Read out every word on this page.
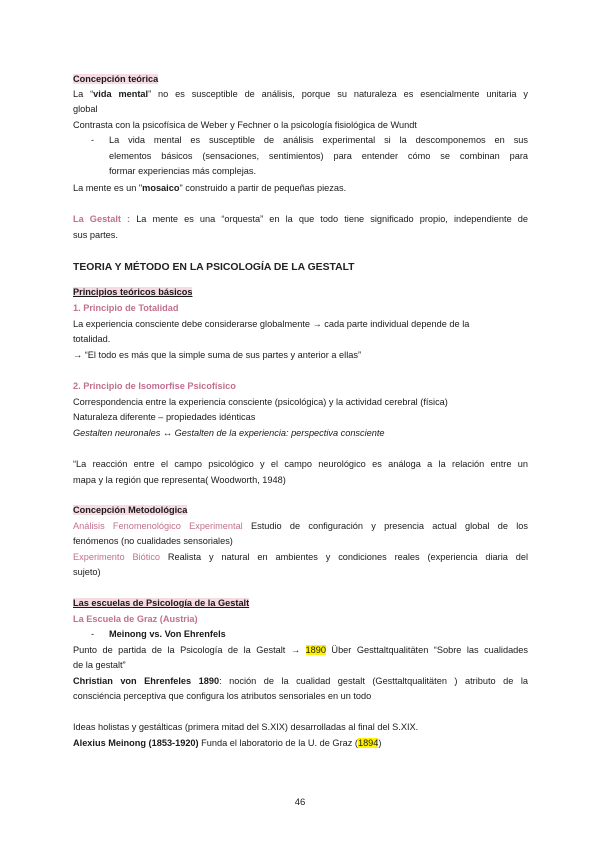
Concepción teórica
La “vida mental” no es susceptible de análisis, porque su naturaleza es esencialmente unitaria y
global
Contrasta con la psicofísica de Weber y Fechner o la psicología fisiológica de Wundt
- La vida mental es susceptible de análisis experimental si la descomponemos en sus
elementos básicos (sensaciones, sentimientos) para entender cómo se combinan para
formar experiencias más complejas.
La mente es un "mosaico" construido a partir de pequeñas piezas.
La Gestalt : La mente es una “orquesta” en la que todo tiene significado propio, independiente de
sus partes.
TEORIA Y MÉTODO EN LA PSICOLOGÍA DE LA GESTALT
Principios teóricos básicos
1. Principio de Totalidad
La experiencia consciente debe considerarse globalmente → cada parte individual depende de la
totalidad.
→ “El todo es más que la simple suma de sus partes y anterior a ellas”
2. Principio de Isomorfise Psicofísico
Correspondencia entre la experiencia consciente (psicológica) y la actividad cerebral (física)
Naturaleza diferente – propiedades idénticas
Gestalten neuronales ↔ Gestalten de la experiencia: perspectiva consciente
“La reacción entre el campo psicológico y el campo neurológico es análoga a la relación entre un
mapa y la región que representa( Woodworth, 1948)
Concepción Metodológica
Análisis Fenomenológico Experimental Estudio de configuración y presencia actual global de los
fenómenos (no cualidades sensoriales)
Experimento Biótico Realista y natural en ambientes y condiciones reales (experiencia diaria del
sujeto)
Las escuelas de Psicología de la Gestalt
La Escuela de Graz (Austria)
- Meinong vs. Von Ehrenfels
Punto de partida de la Psicología de la Gestalt → 1890 Über Gesttaltqualitäten “Sobre las cualidades
de la gestalt”
Christian von Ehrenfeles 1890: noción de la cualidad gestalt (Gesttaltqualitäten ) atributo de la
consciéncia perceptiva que configura los atributos sensoriales en un todo
Ideas holistas y gestálticas (primera mitad del S.XIX) desarrolladas al final del S.XIX.
Alexius Meinong (1853-1920) Funda el laboratorio de la U. de Graz (1894)
46
